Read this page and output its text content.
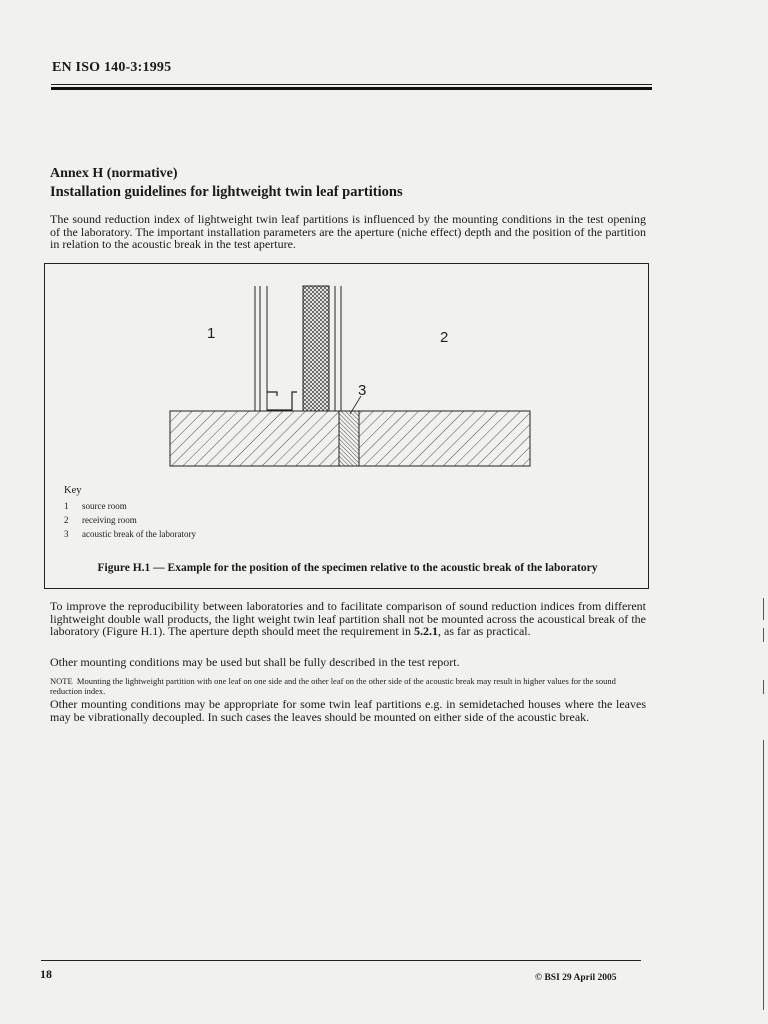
EN ISO 140-3:1995
Annex H (normative)
Installation guidelines for lightweight twin leaf partitions

The sound reduction index of lightweight twin leaf partitions is influenced by the mounting conditions in the test opening of the laboratory. The important installation parameters are the aperture (niche effect) depth and the position of the partition in relation to the acoustic break in the test aperture.

1	2
3
Key
1	source room
2	receiving room
3	acoustic break of the laboratory
Figure H.1 — Example for the position of the specimen relative to the acoustic break of the laboratory

To improve the reproducibility between laboratories and to facilitate comparison of sound reduction indices from different lightweight double wall products, the light weight twin leaf partition shall not be mounted across the acoustical break of the laboratory (Figure H.1). The aperture depth should meet the requirement in 5.2.1, as far as practical.

Other mounting conditions may be used but shall be fully described in the test report.

NOTE Mounting the lightweight partition with one leaf on one side and the other leaf on the other side of the acoustic break may result in higher values for the sound reduction index.

Other mounting conditions may be appropriate for some twin leaf partitions e.g. in semidetached houses where the leaves may be vibrationally decoupled. In such cases the leaves should be mounted on either side of the acoustic break.

18	© BSI 29 April 2005
